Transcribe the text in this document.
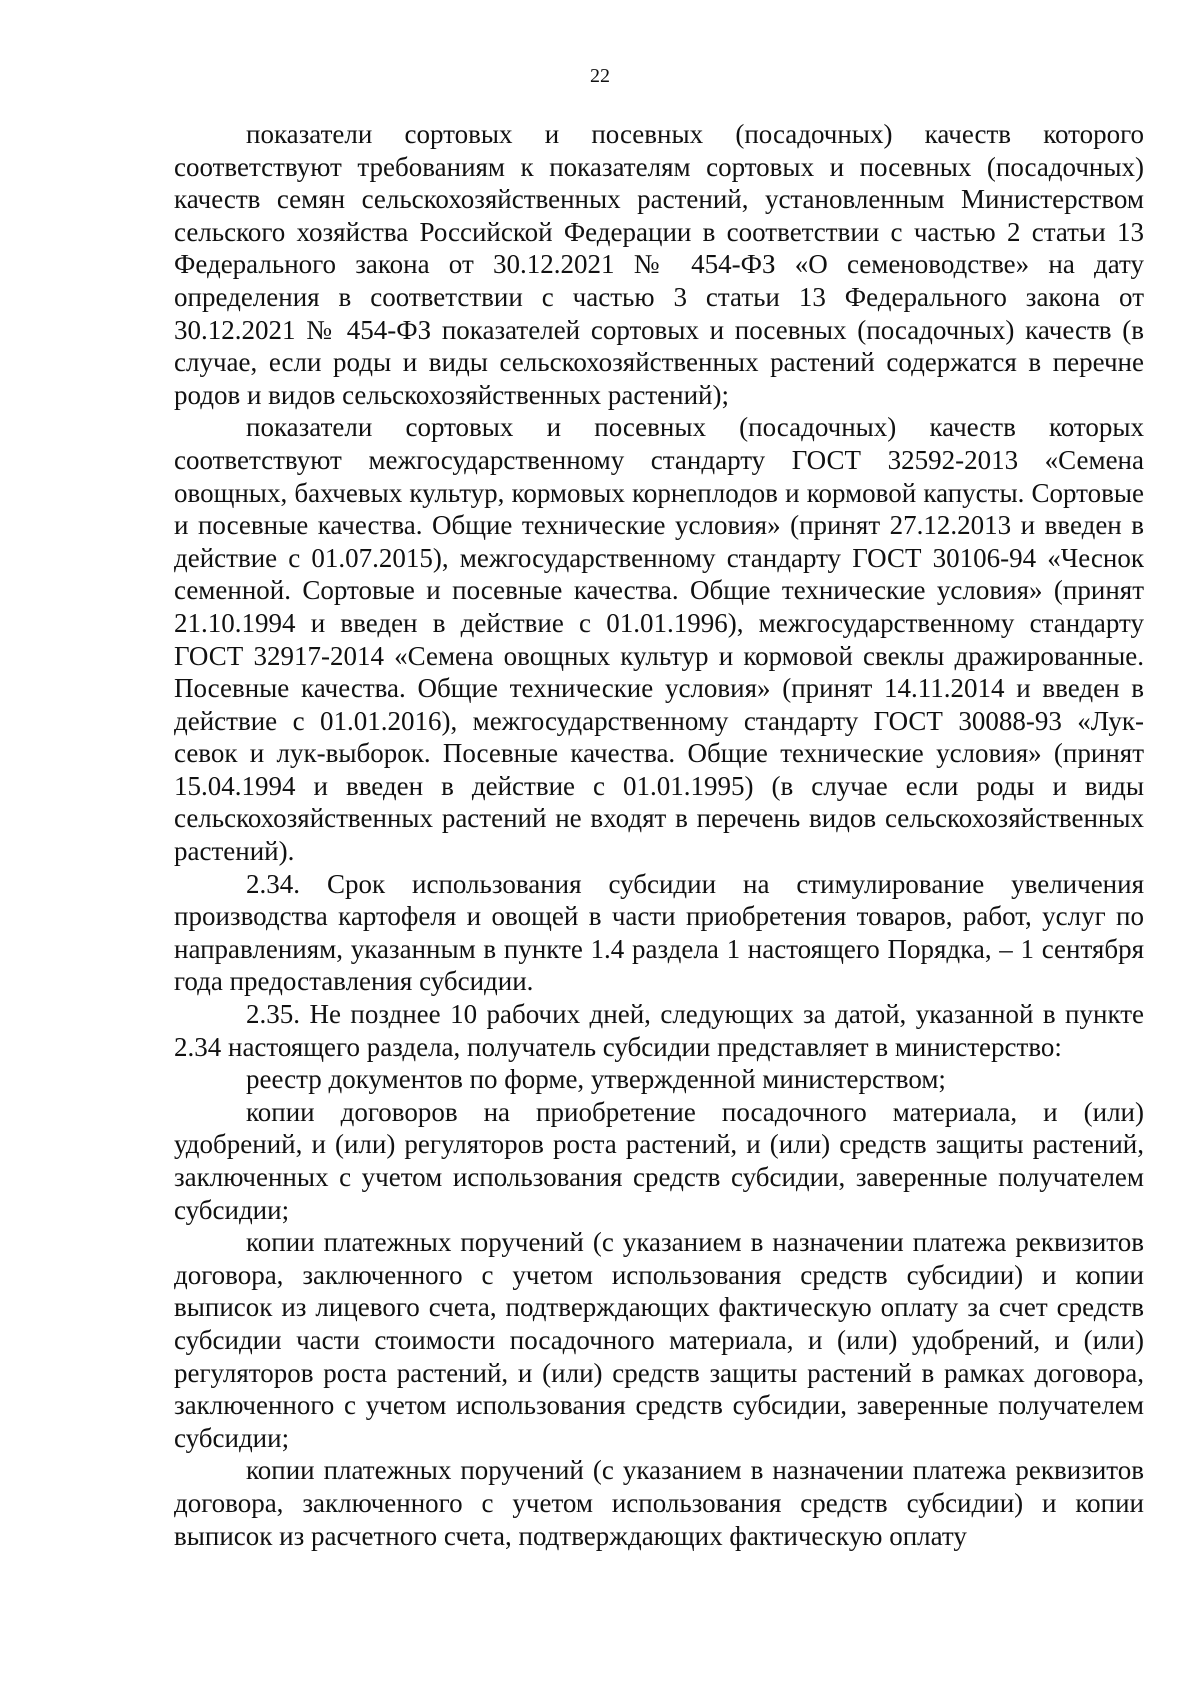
22

показатели сортовых и посевных (посадочных) качеств которого соответствуют требованиям к показателям сортовых и посевных (посадочных) качеств семян сельскохозяйственных растений, установленным Министерством сельского хозяйства Российской Федерации в соответствии с частью 2 статьи 13 Федерального закона от 30.12.2021 № 454-ФЗ «О семеноводстве» на дату определения в соответствии с частью 3 статьи 13 Федерального закона от 30.12.2021 № 454-ФЗ показателей сортовых и посевных (посадочных) качеств (в случае, если роды и виды сельскохозяйственных растений содержатся в перечне родов и видов сельскохозяйственных растений);

показатели сортовых и посевных (посадочных) качеств которых соответствуют межгосударственному стандарту ГОСТ 32592-2013 «Семена овощных, бахчевых культур, кормовых корнеплодов и кормовой капусты. Сортовые и посевные качества. Общие технические условия» (принят 27.12.2013 и введен в действие с 01.07.2015), межгосударственному стандарту ГОСТ 30106-94 «Чеснок семенной. Сортовые и посевные качества. Общие технические условия» (принят 21.10.1994 и введен в действие с 01.01.1996), межгосударственному стандарту ГОСТ 32917-2014 «Семена овощных культур и кормовой свеклы дражированные. Посевные качества. Общие технические условия» (принят 14.11.2014 и введен в действие с 01.01.2016), межгосударственному стандарту ГОСТ 30088-93 «Лук-севок и лук-выборок. Посевные качества. Общие технические условия» (принят 15.04.1994 и введен в действие с 01.01.1995) (в случае если роды и виды сельскохозяйственных растений не входят в перечень видов сельскохозяйственных растений).

2.34. Срок использования субсидии на стимулирование увеличения производства картофеля и овощей в части приобретения товаров, работ, услуг по направлениям, указанным в пункте 1.4 раздела 1 настоящего Порядка, – 1 сентября года предоставления субсидии.

2.35. Не позднее 10 рабочих дней, следующих за датой, указанной в пункте 2.34 настоящего раздела, получатель субсидии представляет в министерство:

реестр документов по форме, утвержденной министерством;

копии договоров на приобретение посадочного материала, и (или) удобрений, и (или) регуляторов роста растений, и (или) средств защиты растений, заключенных с учетом использования средств субсидии, заверенные получателем субсидии;

копии платежных поручений (с указанием в назначении платежа реквизитов договора, заключенного с учетом использования средств субсидии) и копии выписок из лицевого счета, подтверждающих фактическую оплату за счет средств субсидии части стоимости посадочного материала, и (или) удобрений, и (или) регуляторов роста растений, и (или) средств защиты растений в рамках договора, заключенного с учетом использования средств субсидии, заверенные получателем субсидии;

копии платежных поручений (с указанием в назначении платежа реквизитов договора, заключенного с учетом использования средств субсидии) и копии выписок из расчетного счета, подтверждающих фактическую оплату
